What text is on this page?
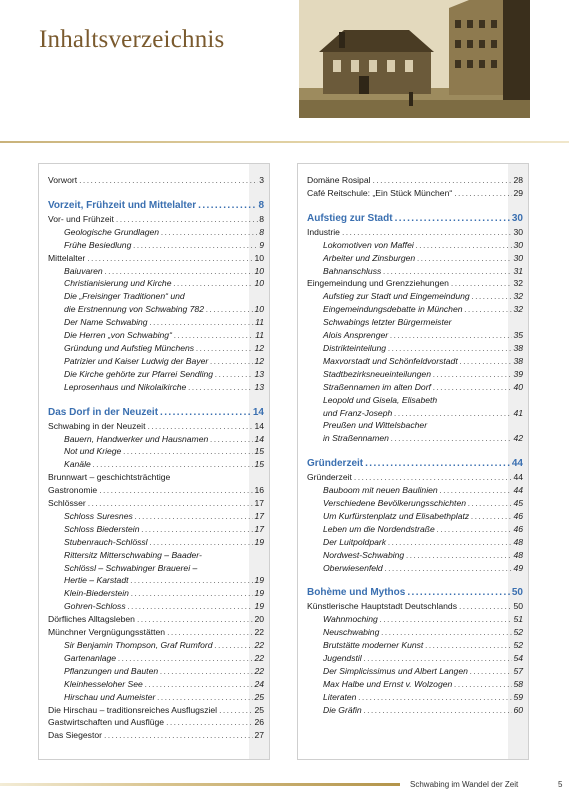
Inhaltsverzeichnis
Vorwort .....	3
Vorzeit, Frühzeit und Mittelalter .....	8
Vor- und Frühzeit .....	8
Geologische Grundlagen .....	8
Frühe Besiedlung .....	9
Mittelalter .....	10
Baiuvaren .....	10
Christianisierung und Kirche .....	10
Die „Freisinger Traditionen“ und
die Erstnennung von Schwabing 782 .....	10
Der Name Schwabing .....	11
Die Herren „von Schwabing“ .....	11
Gründung und Aufstieg Münchens .....	12
Patrizier und Kaiser Ludwig der Bayer .....	12
Die Kirche gehörte zur Pfarrei Sendling .....	13
Leprosenhaus und Nikolaikirche .....	13
Das Dorf in der Neuzeit .....	14
Schwabing in der Neuzeit .....	14
Bauern, Handwerker und Hausnamen .....	14
Not und Kriege .....	15
Kanäle .....	15
Brunnwart – geschichtsträchtige
Gastronomie .....	16
Schlösser .....	17
Schloss Suresnes .....	17
Schloss Biederstein .....	17
Stubenrauch-Schlössl .....	19
Rittersitz Mitterschwabing – Baader-
Schlössl – Schwabinger Brauerei –
Hertie – Karstadt .....	19
Klein-Biederstein .....	19
Gohren-Schloss .....	19
Dörfliches Alltagsleben .....	20
Münchner Vergnügungsstätten .....	22
Sir Benjamin Thompson, Graf Rumford .....	22
Gartenanlage .....	22
Pflanzungen und Bauten .....	22
Kleinhesseloher See .....	24
Hirschau und Aumeister .....	25
Die Hirschau – traditionsreiches Ausflugsziel .....	25
Gastwirtschaften und Ausflüge .....	26
Das Siegestor .....	27
Domäne Rosipal .....	28
Café Reitschule: „Ein Stück München“ .....	29
Aufstieg zur Stadt .....	30
Industrie .....	30
Lokomotiven von Maffei .....	30
Arbeiter und Zinsburgen .....	30
Bahnanschluss .....	31
Eingemeindung und Grenzziehungen .....	32
Aufstieg zur Stadt und Eingemeindung .....	32
Eingemeindungsdebatte in München .....	32
Schwabings letzter Bürgermeister
Alois Ansprenger .....	35
Distrikteinteilung .....	38
Maxvorstadt und Schönfeldvorstadt .....	38
Stadtbezirksneueinteilungen .....	39
Straßennamen im alten Dorf .....	40
Leopold und Gisela, Elisabeth
und Franz-Joseph .....	41
Preußen und Wittelsbacher
in Straßennamen .....	42
Gründerzeit .....	44
Gründerzeit .....	44
Bauboom mit neuen Baulinien .....	44
Verschiedene Bevölkerungsschichten .....	45
Um Kurfürstenplatz und Elisabethplatz .....	46
Leben um die Nordendstraße .....	46
Der Luitpoldpark .....	48
Nordwest-Schwabing .....	48
Oberwiesenfeld .....	49
Bohème und Mythos .....	50
Künstlerische Hauptstadt Deutschlands .....	50
Wahnmoching .....	51
Neuschwabing .....	52
Brutstätte moderner Kunst .....	52
Jugendstil .....	54
Der Simplicissimus und Albert Langen .....	57
Max Halbe und Ernst v. Wolzogen .....	58
Literaten .....	59
Die Gräfin .....	60
Schwabing im Wandel der Zeit	5
